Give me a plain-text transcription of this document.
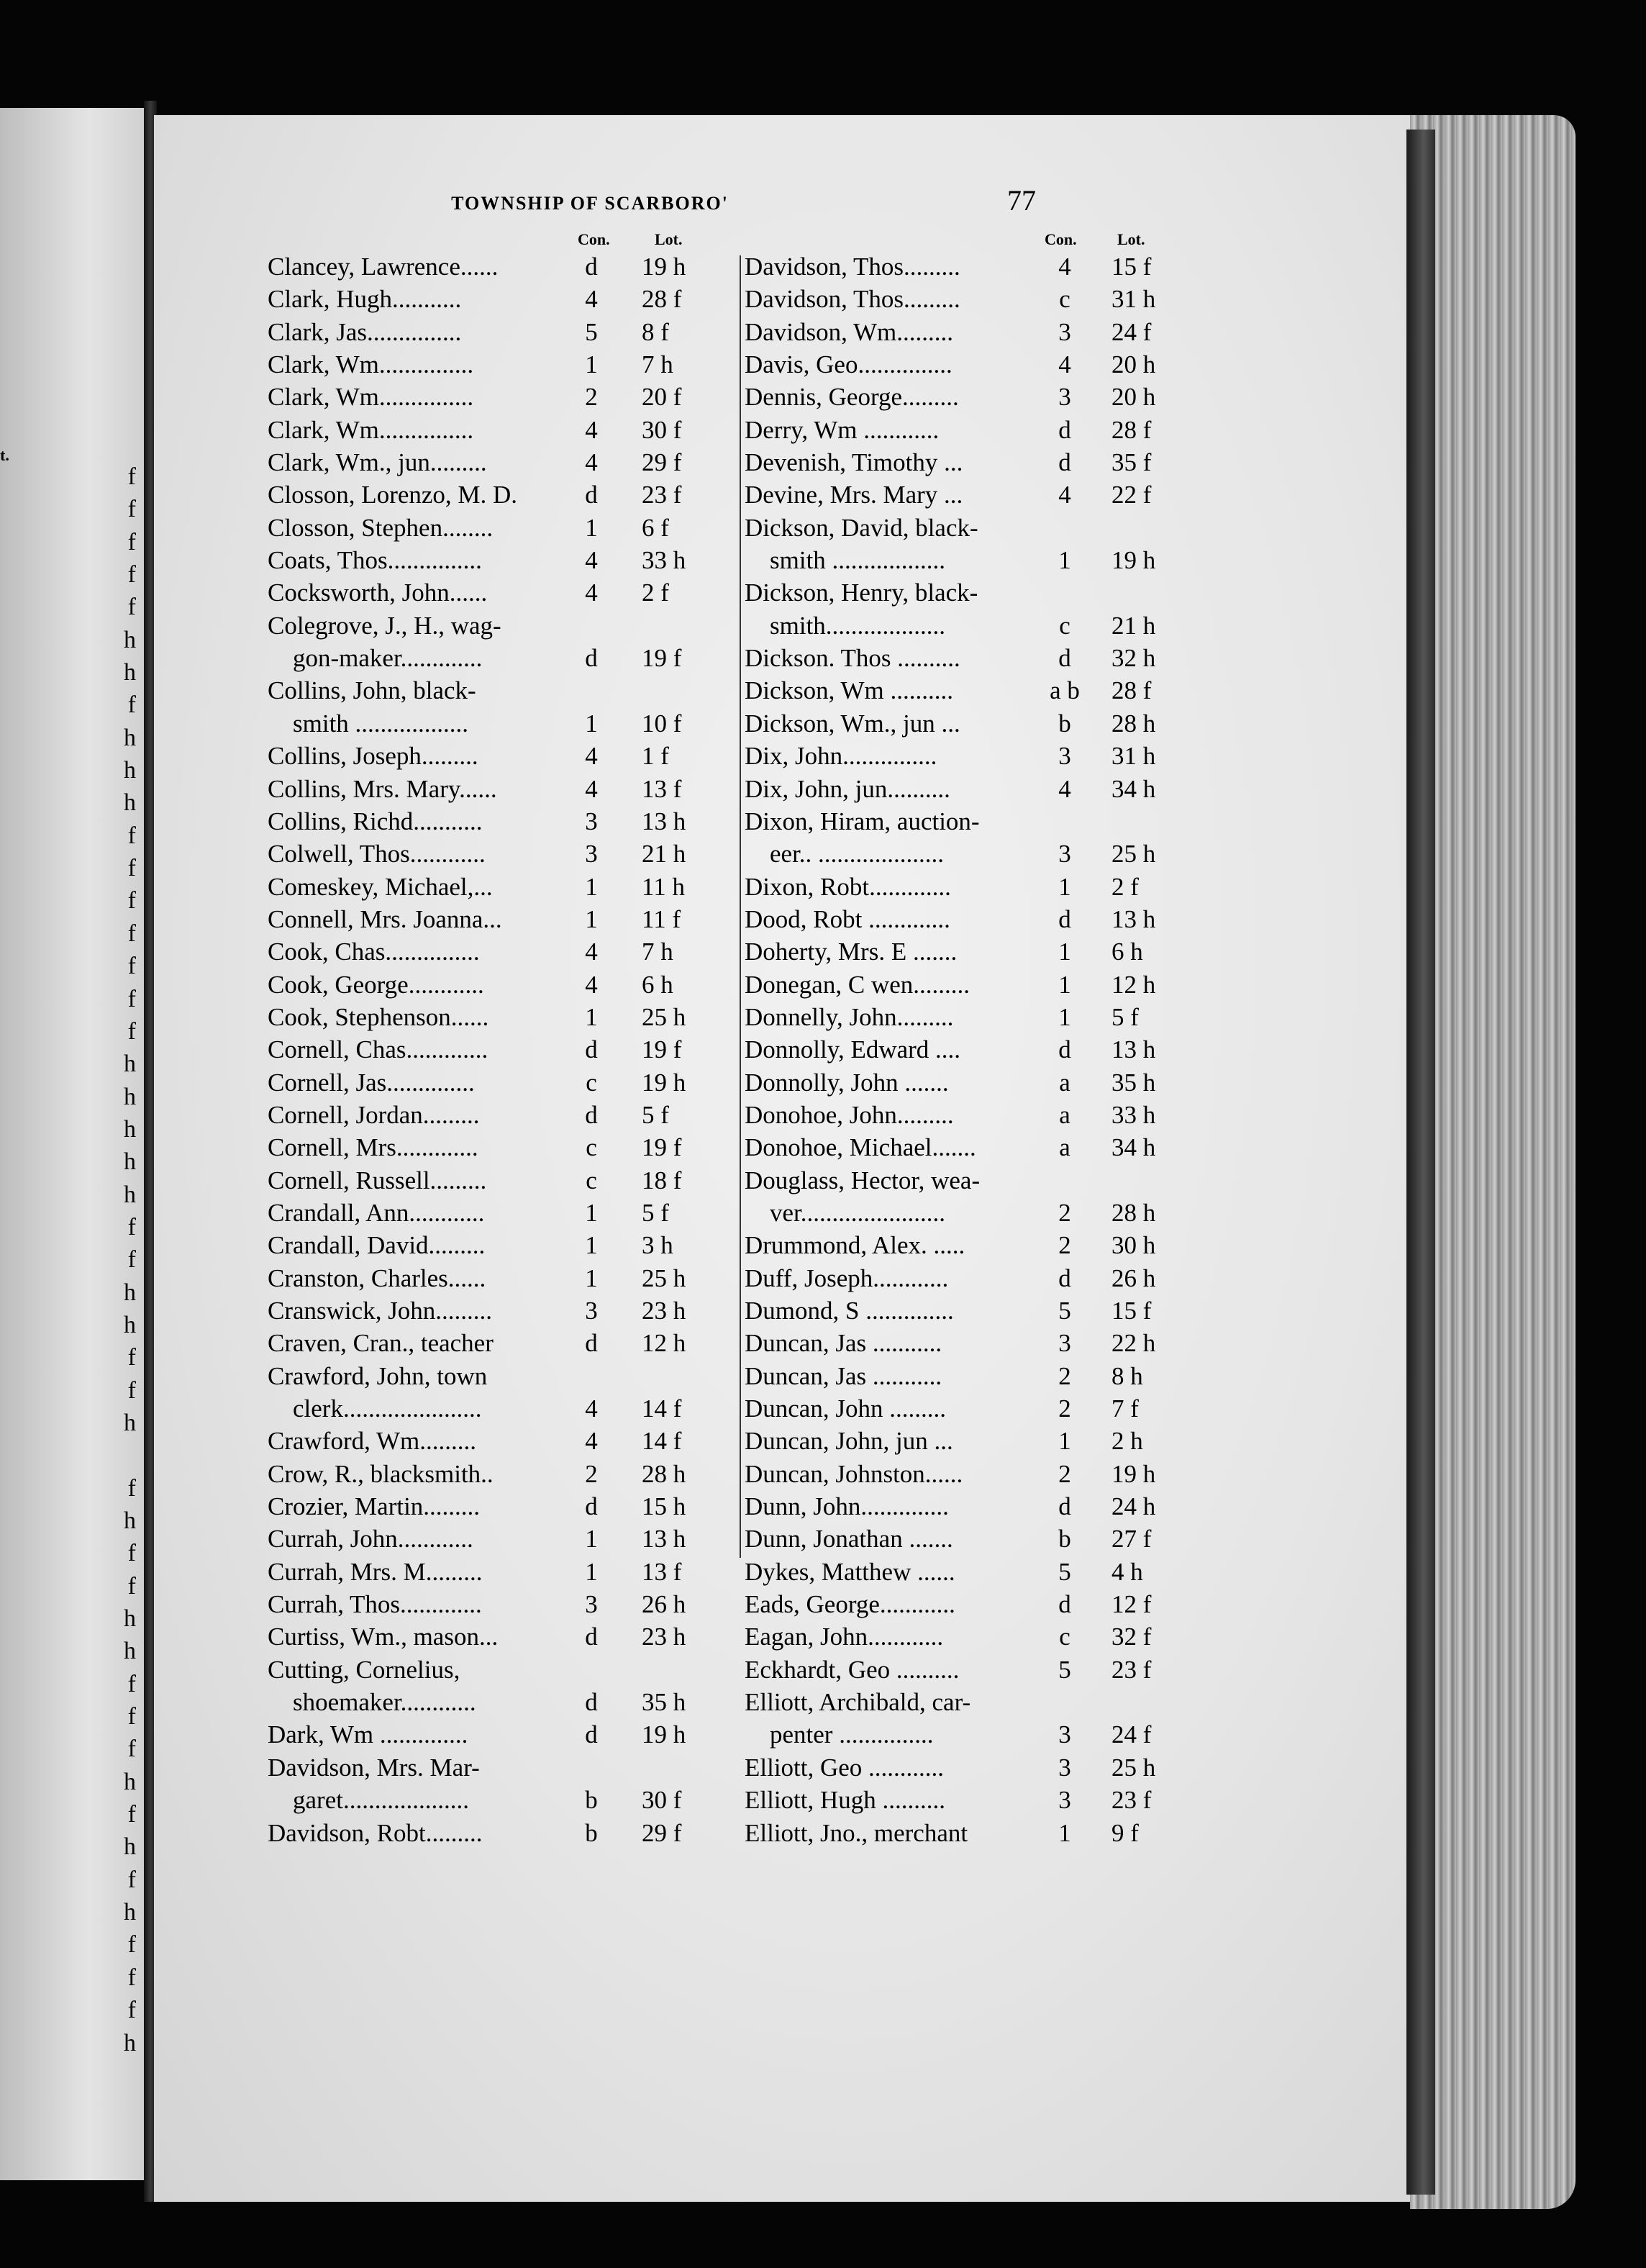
t.
f
f
f
f
f
h
h
f
h
h
h
f
f
f
f
f
f
f
h
h
h
h
h
f
f
h
h
f
f
h
f
h
f
f
h
h
f
f
f
h
f
h
f
h
f
f
f
h
TOWNSHIP OF SCARBORO'	77
Con.	Lot.	Con.	Lot.
Clancey, Lawrence......	d	19 h
Clark, Hugh...........	4	28 f
Clark, Jas...............	5	8 f
Clark, Wm...............	1	7 h
Clark, Wm...............	2	20 f
Clark, Wm...............	4	30 f
Clark, Wm., jun.........	4	29 f
Closson, Lorenzo, M. D.	d	23 f
Closson, Stephen........	1	6 f
Coats, Thos...............	4	33 h
Cocksworth, John......	4	2 f
Colegrove, J., H., wag-
gon-maker.............	d	19 f
Collins, John, black-
smith ..................	1	10 f
Collins, Joseph.........	4	1 f
Collins, Mrs. Mary......	4	13 f
Collins, Richd...........	3	13 h
Colwell, Thos............	3	21 h
Comeskey, Michael,...	1	11 h
Connell, Mrs. Joanna...	1	11 f
Cook, Chas...............	4	7 h
Cook, George............	4	6 h
Cook, Stephenson......	1	25 h
Cornell, Chas.............	d	19 f
Cornell, Jas..............	c	19 h
Cornell, Jordan.........	d	5 f
Cornell, Mrs.............	c	19 f
Cornell, Russell.........	c	18 f
Crandall, Ann............	1	5 f
Crandall, David.........	1	3 h
Cranston, Charles......	1	25 h
Cranswick, John.........	3	23 h
Craven, Cran., teacher	d	12 h
Crawford, John, town
clerk......................	4	14 f
Crawford, Wm.........	4	14 f
Crow, R., blacksmith..	2	28 h
Crozier, Martin.........	d	15 h
Currah, John............	1	13 h
Currah, Mrs. M.........	1	13 f
Currah, Thos.............	3	26 h
Curtiss, Wm., mason...	d	23 h
Cutting, Cornelius,
shoemaker............	d	35 h
Dark, Wm ..............	d	19 h
Davidson, Mrs. Mar-
garet....................	b	30 f
Davidson, Robt.........	b	29 f
Davidson, Thos.........	4	15 f
Davidson, Thos.........	c	31 h
Davidson, Wm.........	3	24 f
Davis, Geo...............	4	20 h
Dennis, George.........	3	20 h
Derry, Wm ............	d	28 f
Devenish, Timothy ...	d	35 f
Devine, Mrs. Mary ...	4	22 f
Dickson, David, black-
smith ..................	1	19 h
Dickson, Henry, black-
smith...................	c	21 h
Dickson. Thos ..........	d	32 h
Dickson, Wm ..........	a b	28 f
Dickson, Wm., jun ...	b	28 h
Dix, John...............	3	31 h
Dix, John, jun..........	4	34 h
Dixon, Hiram, auction-
eer.. ....................	3	25 h
Dixon, Robt.............	1	2 f
Dood, Robt .............	d	13 h
Doherty, Mrs. E .......	1	6 h
Donegan, C wen.........	1	12 h
Donnelly, John.........	1	5 f
Donnolly, Edward ....	d	13 h
Donnolly, John .......	a	35 h
Donohoe, John.........	a	33 h
Donohoe, Michael.......	a	34 h
Douglass, Hector, wea-
ver.......................	2	28 h
Drummond, Alex. .....	2	30 h
Duff, Joseph............	d	26 h
Dumond, S ..............	5	15 f
Duncan, Jas ...........	3	22 h
Duncan, Jas ...........	2	8 h
Duncan, John .........	2	7 f
Duncan, John, jun ...	1	2 h
Duncan, Johnston......	2	19 h
Dunn, John..............	d	24 h
Dunn, Jonathan .......	b	27 f
Dykes, Matthew ......	5	4 h
Eads, George............	d	12 f
Eagan, John............	c	32 f
Eckhardt, Geo ..........	5	23 f
Elliott, Archibald, car-
penter ...............	3	24 f
Elliott, Geo ............	3	25 h
Elliott, Hugh ..........	3	23 f
Elliott, Jno., merchant	1	9 f
